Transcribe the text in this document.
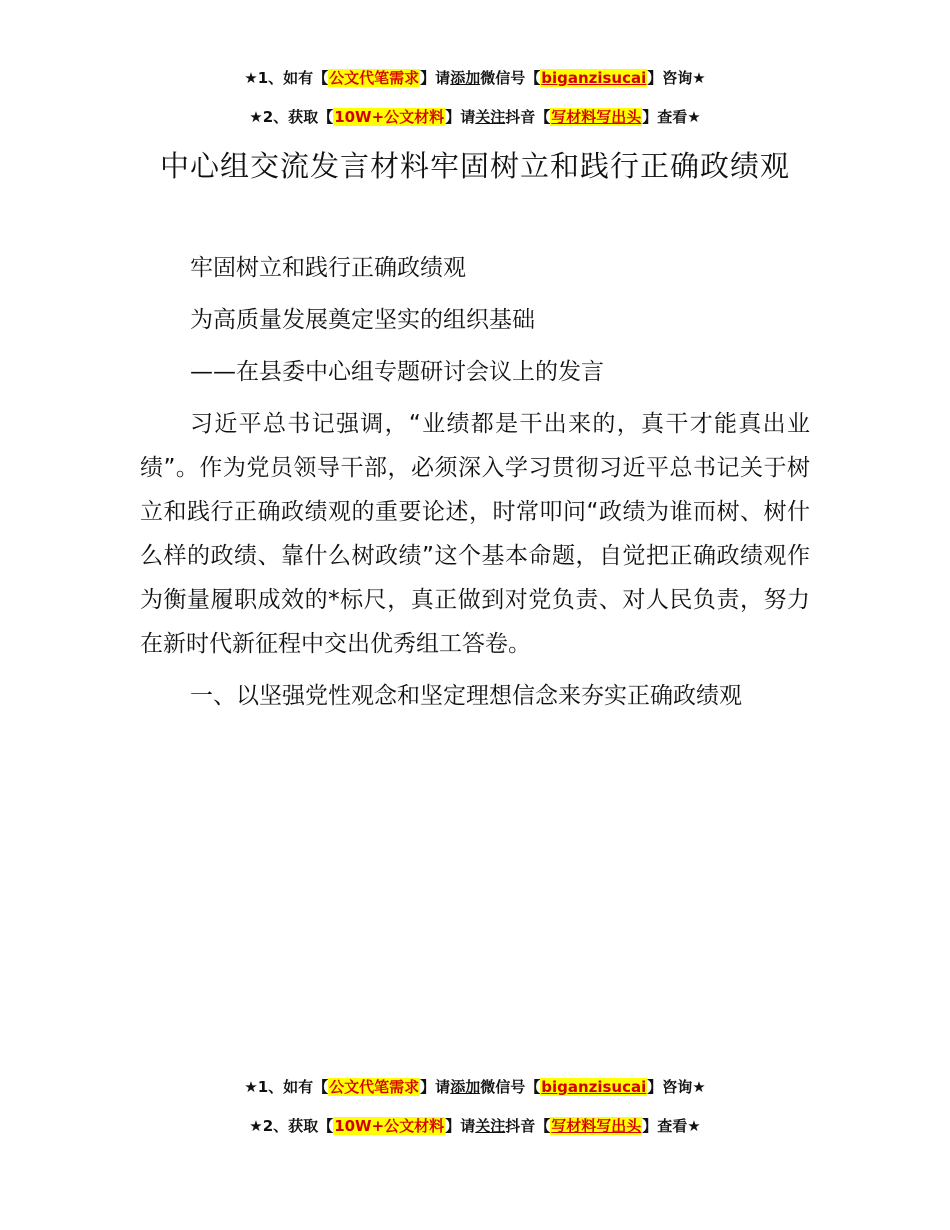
★1、如有【公文代笔需求】请添加微信号【biganzisucai】咨询★
★2、获取【10W+公文材料】请关注抖音【写材料写出头】查看★
中心组交流发言材料牢固树立和践行正确政绩观

牢固树立和践行正确政绩观

为高质量发展奠定坚实的组织基础

——在县委中心组专题研讨会议上的发言

习近平总书记强调，“业绩都是干出来的，真干才能真出业绩”。作为党员领导干部，必须深入学习贯彻习近平总书记关于树立和践行正确政绩观的重要论述，时常叩问“政绩为谁而树、树什么样的政绩、靠什么树政绩”这个基本命题，自觉把正确政绩观作为衡量履职成效的*标尺，真正做到对党负责、对人民负责，努力在新时代新征程中交出优秀组工答卷。

一、以坚强党性观念和坚定理想信念来夯实正确政绩观

★1、如有【公文代笔需求】请添加微信号【biganzisucai】咨询★
★2、获取【10W+公文材料】请关注抖音【写材料写出头】查看★
